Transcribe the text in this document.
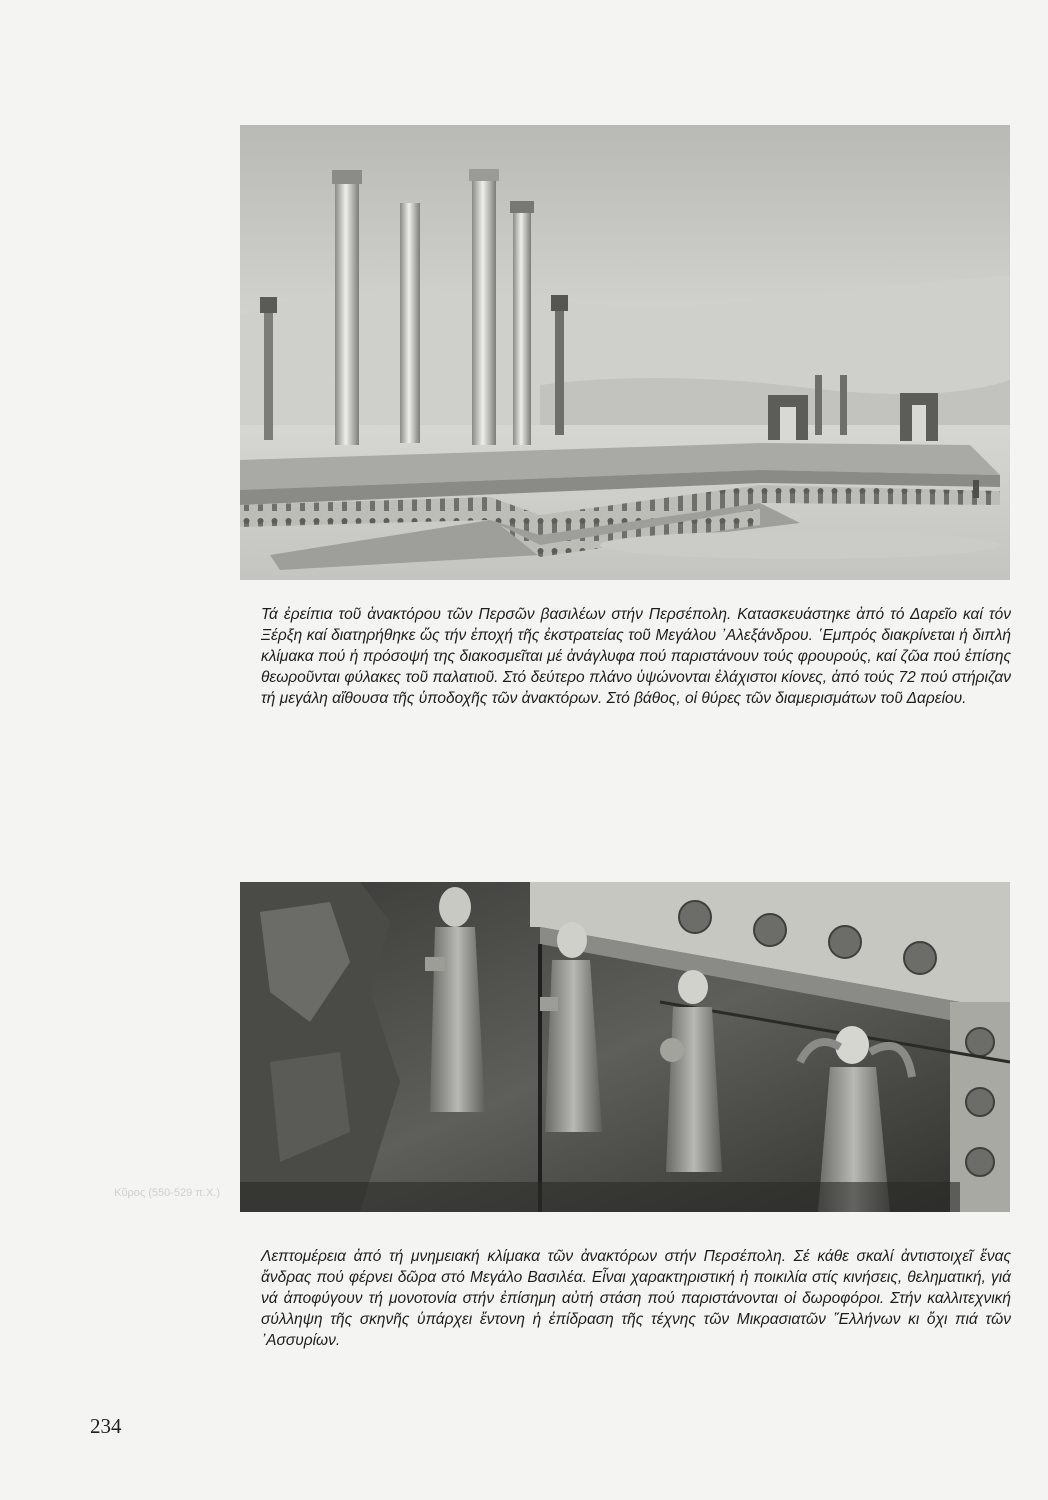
Κῦρος (550-529 π.Χ.)
Τά ἐρείπια τοῦ ἀνακτόρου τῶν Περσῶν βασιλέων στήν Περσέπολη. Κατασκευάστηκε ἀπό τό Δαρεῖο καί τόν Ξέρξη καί διατηρήθηκε ὥς τήν ἐποχή τῆς ἐκστρατείας τοῦ Μεγάλου ᾿Αλεξάνδρου. ῾Εμπρός διακρίνεται ἡ διπλή κλίμακα πού ἡ πρόσοψή της διακοσμεῖται μέ ἀνάγλυφα πού παριστάνουν τούς φρουρούς, καί ζῶα πού ἐπίσης θεωροῦνται φύλακες τοῦ παλατιοῦ. Στό δεύτερο πλάνο ὑψώνονται ἐλάχιστοι κίονες, ἀπό τούς 72 πού στήριζαν τή μεγάλη αἴθουσα τῆς ὑποδοχῆς τῶν ἀνακτόρων. Στό βάθος, οἱ θύρες τῶν διαμερισμάτων τοῦ Δαρείου.
Λεπτομέρεια ἀπό τή μνημειακή κλίμακα τῶν ἀνακτόρων στήν Περσέπολη. Σέ κάθε σκαλί ἀντιστοιχεῖ ἕνας ἄνδρας πού φέρνει δῶρα στό Μεγάλο Βασιλέα. Εἶναι χαρακτηριστική ἡ ποικιλία στίς κινήσεις, θεληματική, γιά νά ἀποφύγουν τή μονοτονία στήν ἐπίσημη αὐτή στάση πού παριστάνονται οἱ δωροφόροι. Στήν καλλιτεχνική σύλληψη τῆς σκηνῆς ὑπάρχει ἔντονη ἡ ἐπίδραση τῆς τέχνης τῶν Μικρασιατῶν ῞Ελλήνων κι ὄχι πιά τῶν ᾿Ασσυρίων.
234
